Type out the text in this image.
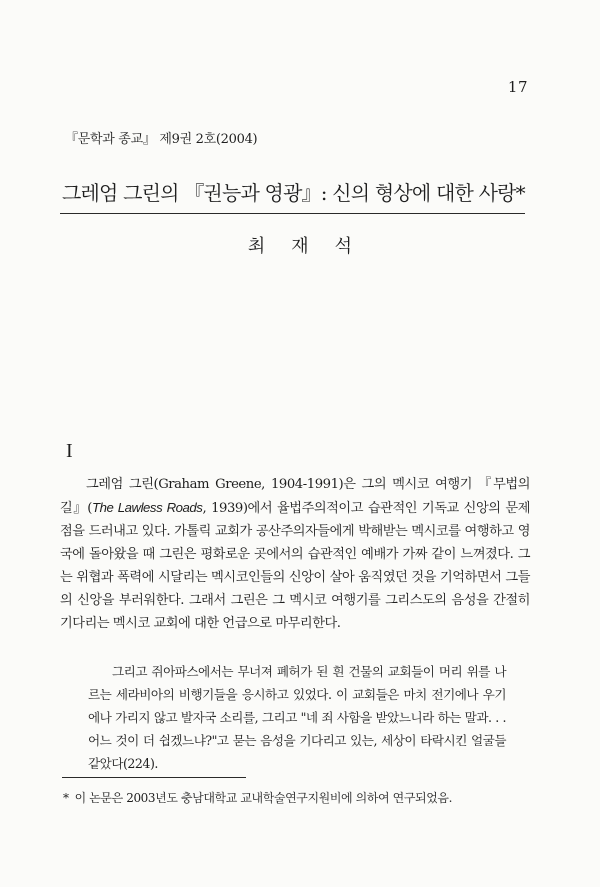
17
『문학과 종교』 제9권 2호(2004)
그레엄 그린의 『권능과 영광』: 신의 형상에 대한 사랑*
최재석
I

그레엄 그린(Graham Greene, 1904-1991)은 그의 멕시코 여행기 『무법의 길』(The Lawless Roads, 1939)에서 율법주의적이고 습관적인 기독교 신앙의 문제점을 드러내고 있다. 가톨릭 교회가 공산주의자들에게 박해받는 멕시코를 여행하고 영국에 돌아왔을 때 그린은 평화로운 곳에서의 습관적인 예배가 가짜 같이 느껴졌다. 그는 위협과 폭력에 시달리는 멕시코인들의 신앙이 살아 움직였던 것을 기억하면서 그들의 신앙을 부러워한다. 그래서 그린은 그 멕시코 여행기를 그리스도의 음성을 간절히 기다리는 멕시코 교회에 대한 언급으로 마무리한다.

그리고 쥐아파스에서는 무너져 폐허가 된 흰 건물의 교회들이 머리 위를 나르는 세라비아의 비행기들을 응시하고 있었다. 이 교회들은 마치 전기에나 우기에나 가리지 않고 발자국 소리를, 그리고 "네 죄 사함을 받았느니라 하는 말과. . .어느 것이 더 쉽겠느냐?"고 묻는 음성을 기다리고 있는, 세상이 타락시킨 얼굴들 같았다(224).

* 이 논문은 2003년도 충남대학교 교내학술연구지원비에 의하여 연구되었음.
